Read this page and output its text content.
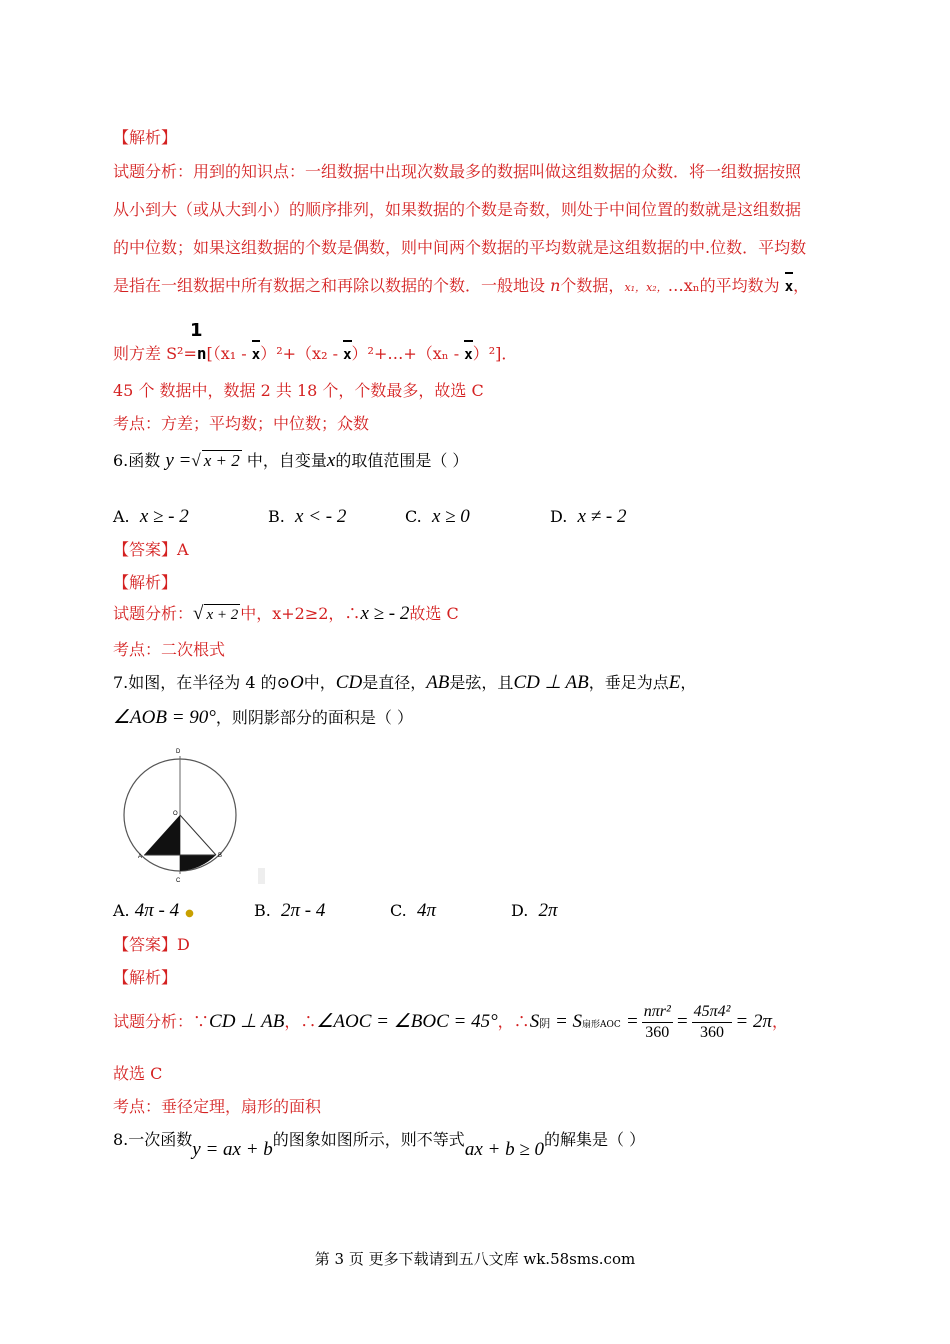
【解析】
试题分析：用到的知识点：一组数据中出现次数最多的数据叫做这组数据的众数．将一组数据按照
从小到大（或从大到小）的顺序排列，如果数据的个数是奇数，则处于中间位置的数就是这组数据
的中位数；如果这组数据的个数是偶数，则中间两个数据的平均数就是这组数据的中.位数．平均数
是指在一组数据中所有数据之和再除以数据的个数．一般地设 n个数据，x₁，x₂，…xₙ的平均数为 x，
1
则方差 S²=n[（x₁ - x）²+（x₂ - x）²+…+（xₙ - x）²]．
45 个 数据中，数据 2 共 18 个，个数最多，故选 C
考点：方差；平均数；中位数；众数
6.函数 y =√ x + 2 中，自变量x的取值范围是（ ）
A. x ≥ - 2	B. x < - 2	C. x ≥ 0	D. x ≠ - 2
【答案】A
【解析】
试题分析：√ x + 2 中，x+2≥2，∴x ≥ - 2故选 C
考点：二次根式
7.如图，在半径为 4 的⊙O中，CD是直径，AB是弦，且CD ⊥ AB，垂足为点E，
∠AOB = 90°，则阴影部分的面积是（ ）
D
O
A
E
B
C
A. 4π - 4 ●	B. 2π - 4	C. 4π	D. 2π
【答案】D
【解析】
试题分析：∵CD ⊥ AB，∴∠AOC = ∠BOC = 45°，∴S阴 = S扇形AOC = $\frac{\text{nπr²}}{360} = \frac{\text{45π4²}}{360} = 2\pi$，
故选 C
考点：垂径定理，扇形的面积
8.一次函数y = ax + b的图象如图所示，则不等式ax + b ≥ 0的解集是（ ）
第 3 页 更多下载请到五八文库 wk.58sms.com
